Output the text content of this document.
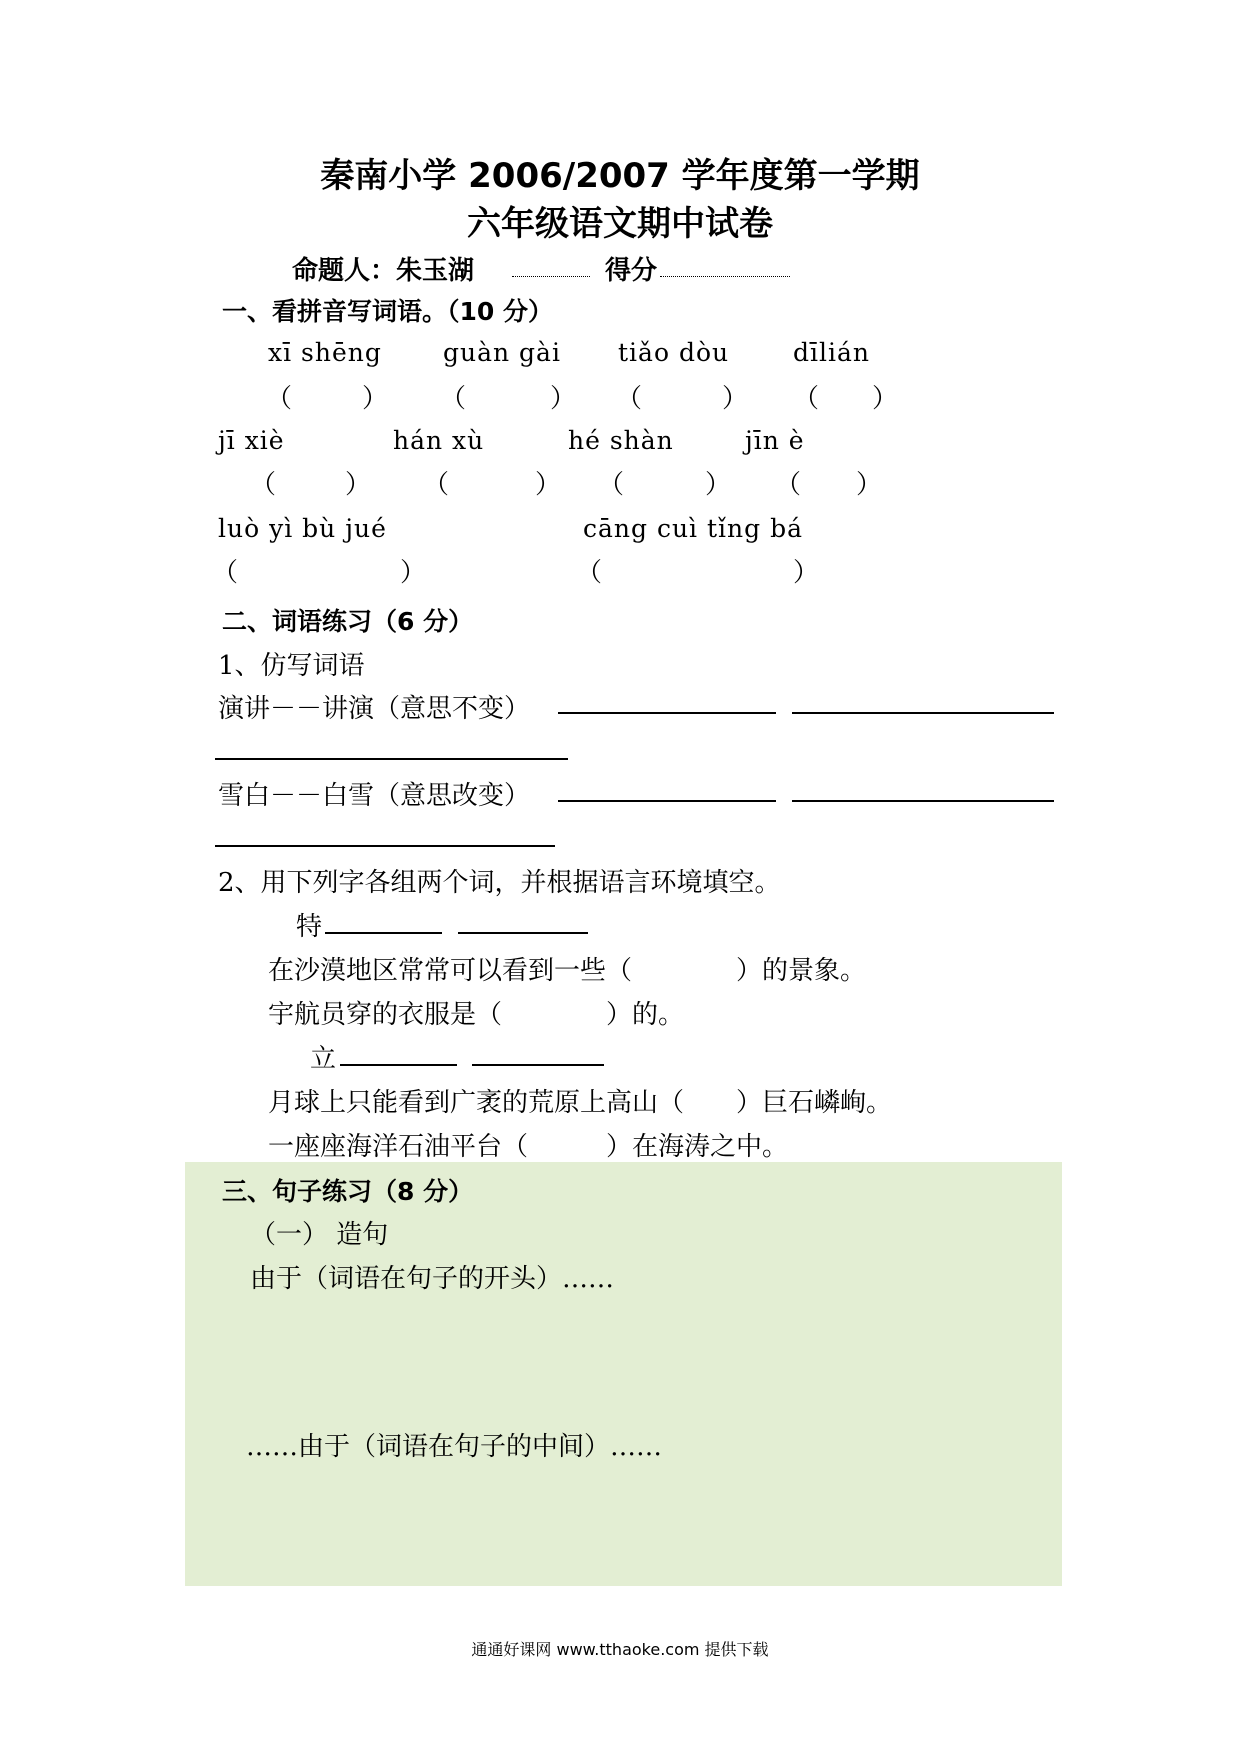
秦南小学 2006/2007 学年度第一学期
六年级语文期中试卷
命题人：朱玉湖	得分
一、看拼音写词语。（10 分）
xī shēng guàn gài tiǎo dòu	dīlián
（	） （	） （	） （ ）
jī xiè	hán xù	hé shàn	jīn è
（	） （	） （	） （ ）
luò yì bù jué	cāng cuì tǐng bá
（	）	（	）
二、词语练习（6 分）
1、仿写词语
演讲－－讲演（意思不变）
雪白－－白雪（意思改变）
2、用下列字各组两个词，并根据语言环境填空。
特
在沙漠地区常常可以看到一些（　　　　）的景象。
宇航员穿的衣服是（　　　　）的。
立
月球上只能看到广袤的荒原上高山（　　）巨石嶙峋。
一座座海洋石油平台（　　　）在海涛之中。
三、句子练习（8 分）
（一） 造句
由于（词语在句子的开头）……
……由于（词语在句子的中间）……
通通好课网 www.tthaoke.com 提供下载
